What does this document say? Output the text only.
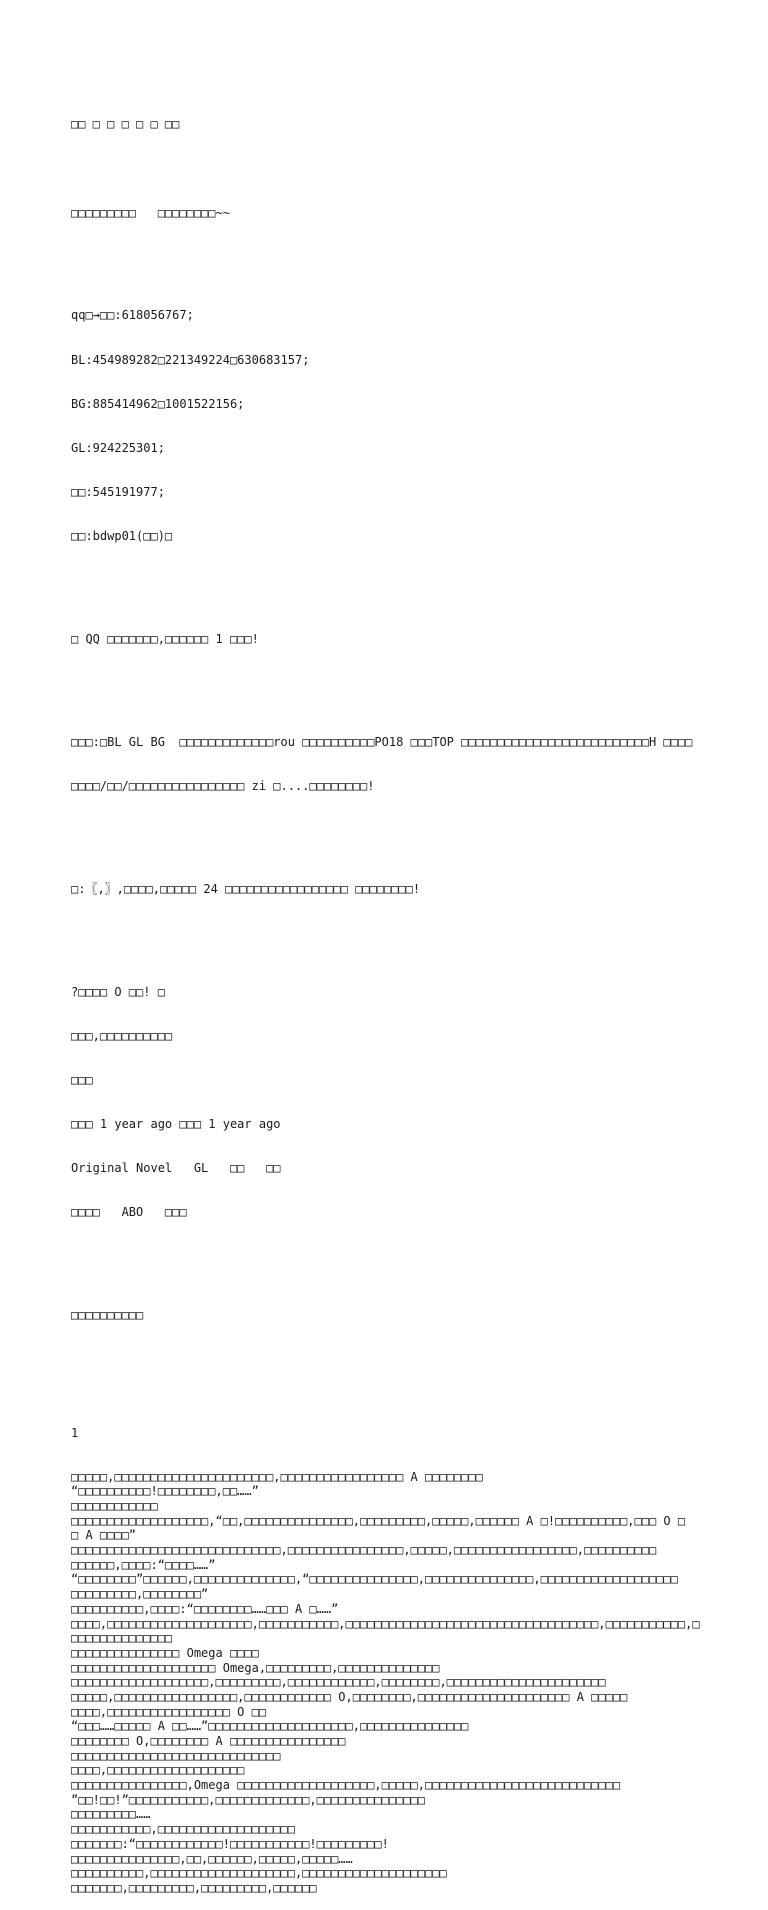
□□ □ □ □ □ □ □□

□□□□□□□□□   □□□□□□□□~~

qq□→□□:618056767;

BL:454989282□221349224□630683157;

BG:885414962□1001522156;

GL:924225301;

□□:545191977;

□□:bdwp01(□□)□

□ QQ □□□□□□□,□□□□□□ 1 □□□!

□□□:□BL GL BG  □□□□□□□□□□□□□rou □□□□□□□□□□PO18 □□□TOP □□□□□□□□□□□□□□□□□□□□□□□□□□H □□□□

□□□□/□□/□□□□□□□□□□□□□□□□ zi □....□□□□□□□□!

□:〖,〗,□□□□,□□□□□ 24 □□□□□□□□□□□□□□□□□ □□□□□□□□!

?□□□□ O □□! □

□□□,□□□□□□□□□□

□□□

□□□ 1 year ago □□□ 1 year ago

Original Novel   GL   □□   □□

□□□□   ABO   □□□

□□□□□□□□□□

1

□□□□□,□□□□□□□□□□□□□□□□□□□□□□,□□□□□□□□□□□□□□□□□ A □□□□□□□□
“□□□□□□□□□□!□□□□□□□□,□□……”
□□□□□□□□□□□□
□□□□□□□□□□□□□□□□□□□,“□□,□□□□□□□□□□□□□□□,□□□□□□□□□,□□□□□,□□□□□□ A □!□□□□□□□□□□,□□□ O □
□ A □□□□”
□□□□□□□□□□□□□□□□□□□□□□□□□□□□□,□□□□□□□□□□□□□□□□,□□□□□,□□□□□□□□□□□□□□□□□,□□□□□□□□□□
□□□□□□,□□□□:“□□□□……”
“□□□□□□□□”□□□□□□,□□□□□□□□□□□□□□,“□□□□□□□□□□□□□□□,□□□□□□□□□□□□□□□,□□□□□□□□□□□□□□□□□□□
□□□□□□□□□,□□□□□□□□”
□□□□□□□□□□,□□□□:“□□□□□□□□……□□□ A □……”
□□□□,□□□□□□□□□□□□□□□□□□□□,□□□□□□□□□□□,□□□□□□□□□□□□□□□□□□□□□□□□□□□□□□□□□□□,□□□□□□□□□□□,□
□□□□□□□□□□□□□□
□□□□□□□□□□□□□□□ Omega □□□□
□□□□□□□□□□□□□□□□□□□□ Omega,□□□□□□□□□,□□□□□□□□□□□□□□
□□□□□□□□□□□□□□□□□□□,□□□□□□□□□,□□□□□□□□□□□□,□□□□□□□□,□□□□□□□□□□□□□□□□□□□□□□
□□□□□,□□□□□□□□□□□□□□□□□,□□□□□□□□□□□□ O,□□□□□□□□,□□□□□□□□□□□□□□□□□□□□□ A □□□□□
□□□□,□□□□□□□□□□□□□□□□□ O □□
“□□□……□□□□□ A □□……”□□□□□□□□□□□□□□□□□□□□,□□□□□□□□□□□□□□□
□□□□□□□□ O,□□□□□□□□ A □□□□□□□□□□□□□□□□
□□□□□□□□□□□□□□□□□□□□□□□□□□□□□
□□□□,□□□□□□□□□□□□□□□□□□□
□□□□□□□□□□□□□□□□,Omega □□□□□□□□□□□□□□□□□□□,□□□□□,□□□□□□□□□□□□□□□□□□□□□□□□□□□
”□□!□□!”□□□□□□□□□□□,□□□□□□□□□□□□□,□□□□□□□□□□□□□□□
□□□□□□□□□……
□□□□□□□□□□□,□□□□□□□□□□□□□□□□□□□
□□□□□□□:“□□□□□□□□□□□□!□□□□□□□□□□□!□□□□□□□□□!
□□□□□□□□□□□□□□□,□□,□□□□□□,□□□□□,□□□□□……
□□□□□□□□□□,□□□□□□□□□□□□□□□□□□□□,□□□□□□□□□□□□□□□□□□□□
□□□□□□□,□□□□□□□□□,□□□□□□□□□,□□□□□□
